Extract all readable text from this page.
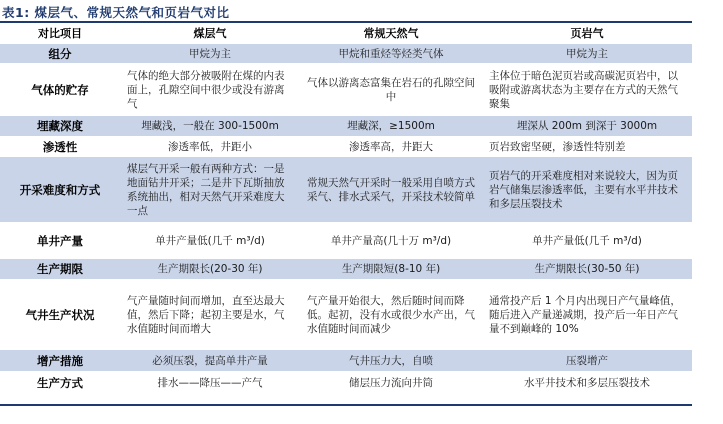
表1: 煤层气、常规天然气和页岩气对比
对比项目	煤层气	常规天然气	页岩气
组分	甲烷为主	甲烷和重烃等烃类气体	甲烷为主
气体的贮存	气体的绝大部分被吸附在煤的内表面上，孔隙空间中很少或没有游离气	气体以游离态富集在岩石的孔隙空间中	主体位于暗色泥页岩或高碳泥页岩中，以吸附或游离状态为主要存在方式的天然气聚集
埋藏深度	埋藏浅，一般在 300-1500m	埋藏深，≥1500m	埋深从 200m 到深于 3000m
渗透性	渗透率低，井距小	渗透率高，井距大	页岩致密坚硬，渗透性特别差
开采难度和方式	煤层气开采一般有两种方式：一是地面钻井开采；二是井下瓦斯抽放系统抽出，相对天然气开采难度大一点	常规天然气开采时一般采用自喷方式采气、排水式采气，开采技术较简单	页岩气的开采难度相对来说较大，因为页岩气储集层渗透率低，主要有水平井技术和多层压裂技术
单井产量	单井产量低(几千 m³/d)	单井产量高(几十万 m³/d)	单井产量低(几千 m³/d)
生产期限	生产期限长(20-30 年)	生产期限短(8-10 年)	生产期限长(30-50 年)
气井生产状况	气产量随时间而增加，直至达最大值，然后下降；起初主要是水，气水值随时间而增大	气产量开始很大，然后随时间而降低。起初，没有水或很少水产出，气水值随时间而减少	通常投产后 1 个月内出现日产气量峰值，随后进入产量递减期，投产后一年日产气量不到巅峰的 10%
增产措施	必须压裂，提高单井产量	气井压力大，自喷	压裂增产
生产方式	排水——降压——产气	储层压力流向井筒	水平井技术和多层压裂技术
